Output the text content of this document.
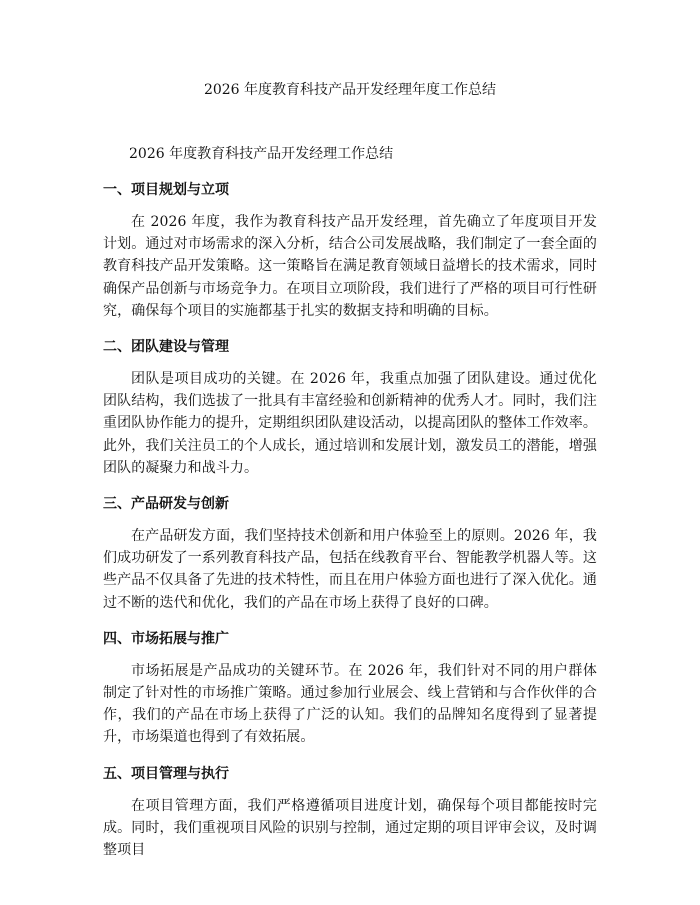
2026 年度教育科技产品开发经理年度工作总结

2026 年度教育科技产品开发经理工作总结

一、项目规划与立项

在 2026 年度，我作为教育科技产品开发经理，首先确立了年度项目开发计划。通过对市场需求的深入分析，结合公司发展战略，我们制定了一套全面的教育科技产品开发策略。这一策略旨在满足教育领域日益增长的技术需求，同时确保产品创新与市场竞争力。在项目立项阶段，我们进行了严格的项目可行性研究，确保每个项目的实施都基于扎实的数据支持和明确的目标。

二、团队建设与管理

团队是项目成功的关键。在 2026 年，我重点加强了团队建设。通过优化团队结构，我们选拔了一批具有丰富经验和创新精神的优秀人才。同时，我们注重团队协作能力的提升，定期组织团队建设活动，以提高团队的整体工作效率。此外，我们关注员工的个人成长，通过培训和发展计划，激发员工的潜能，增强团队的凝聚力和战斗力。

三、产品研发与创新

在产品研发方面，我们坚持技术创新和用户体验至上的原则。2026 年，我们成功研发了一系列教育科技产品，包括在线教育平台、智能教学机器人等。这些产品不仅具备了先进的技术特性，而且在用户体验方面也进行了深入优化。通过不断的迭代和优化，我们的产品在市场上获得了良好的口碑。

四、市场拓展与推广

市场拓展是产品成功的关键环节。在 2026 年，我们针对不同的用户群体制定了针对性的市场推广策略。通过参加行业展会、线上营销和与合作伙伴的合作，我们的产品在市场上获得了广泛的认知。我们的品牌知名度得到了显著提升，市场渠道也得到了有效拓展。

五、项目管理与执行

在项目管理方面，我们严格遵循项目进度计划，确保每个项目都能按时完成。同时，我们重视项目风险的识别与控制，通过定期的项目评审会议，及时调整项目
